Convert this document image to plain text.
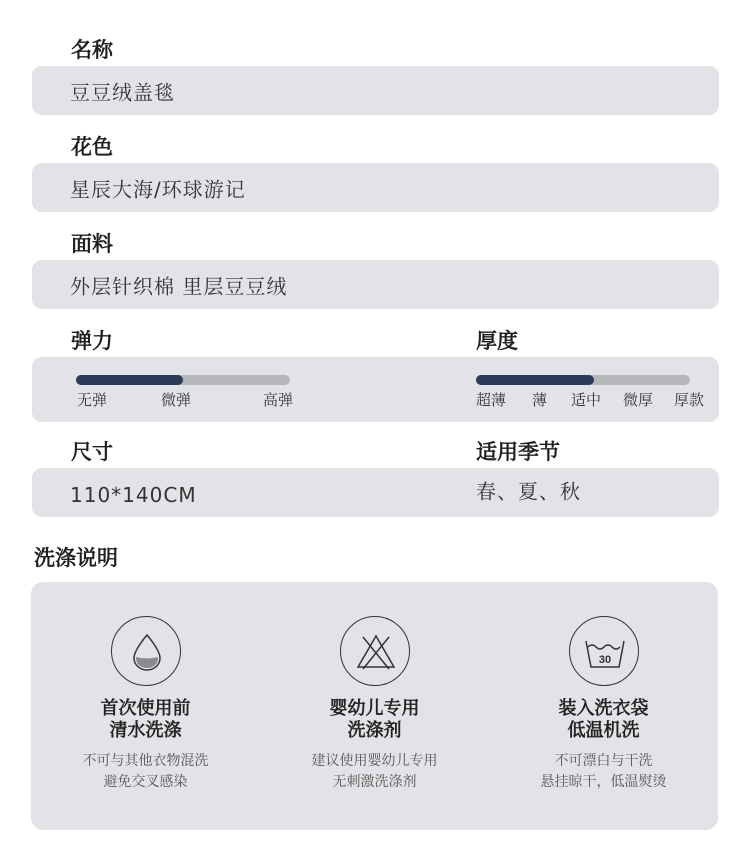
名称
豆豆绒盖毯
花色
星辰大海/环球游记
面料
外层针织棉 里层豆豆绒
弹力	厚度
无弹	微弹	高弹	超薄 薄 适中 微厚 厚款
尺寸	适用季节
110*140CM	春、夏、秋
洗涤说明
首次使用前
清水洗涤
不可与其他衣物混洗
避免交叉感染
婴幼儿专用
洗涤剂
建议使用婴幼儿专用
无刺激洗涤剂
30
装入洗衣袋
低温机洗
不可漂白与干洗
悬挂晾干，低温熨烫
